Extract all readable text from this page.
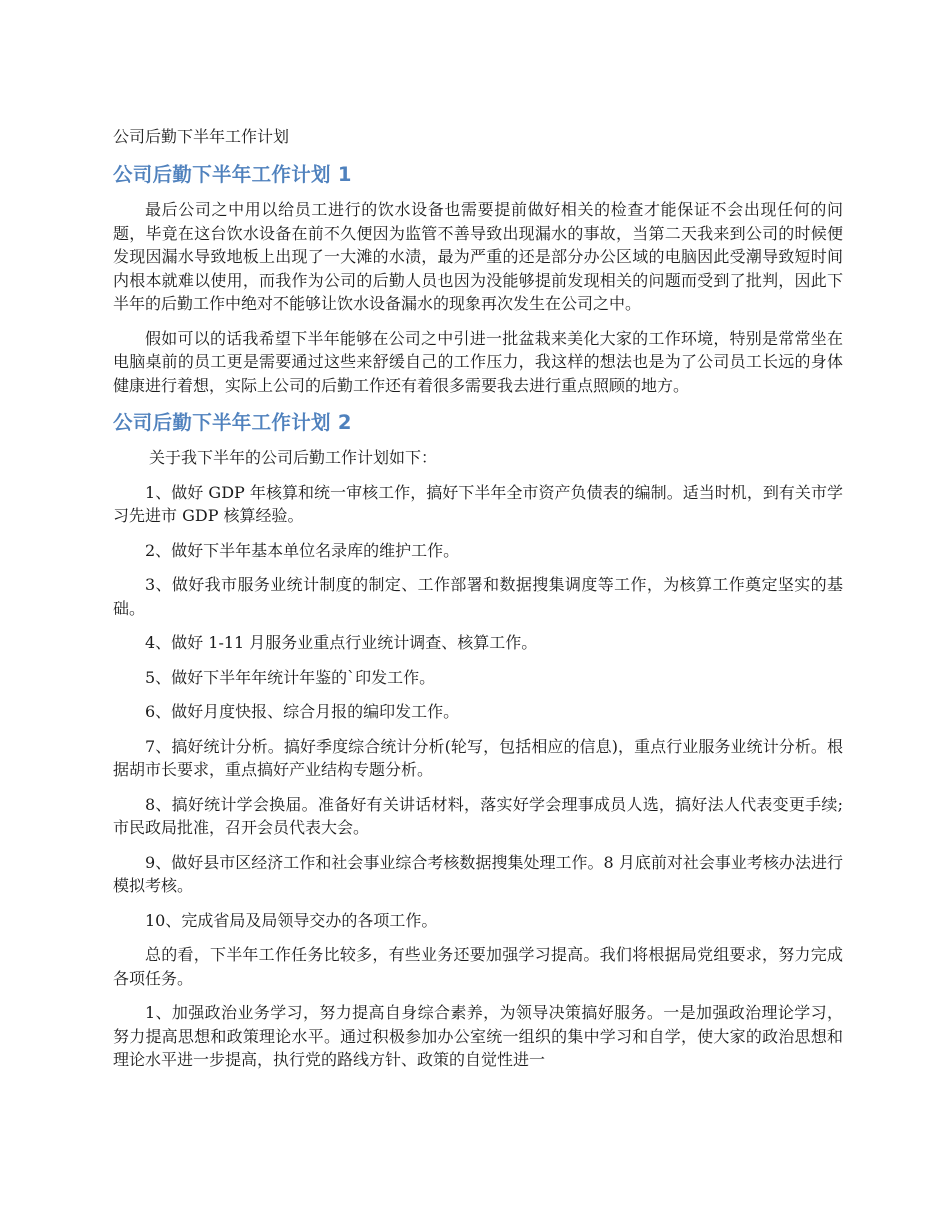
公司后勤下半年工作计划
公司后勤下半年工作计划 1
最后公司之中用以给员工进行的饮水设备也需要提前做好相关的检查才能保证不会出现任何的问题，毕竟在这台饮水设备在前不久便因为监管不善导致出现漏水的事故，当第二天我来到公司的时候便发现因漏水导致地板上出现了一大滩的水渍，最为严重的还是部分办公区域的电脑因此受潮导致短时间内根本就难以使用，而我作为公司的后勤人员也因为没能够提前发现相关的问题而受到了批判，因此下半年的后勤工作中绝对不能够让饮水设备漏水的现象再次发生在公司之中。
假如可以的话我希望下半年能够在公司之中引进一批盆栽来美化大家的工作环境，特别是常常坐在电脑桌前的员工更是需要通过这些来舒缓自己的工作压力，我这样的想法也是为了公司员工长远的身体健康进行着想，实际上公司的后勤工作还有着很多需要我去进行重点照顾的地方。
公司后勤下半年工作计划 2
关于我下半年的公司后勤工作计划如下：
1、做好 GDP 年核算和统一审核工作，搞好下半年全市资产负债表的编制。适当时机，到有关市学习先进市 GDP 核算经验。
2、做好下半年基本单位名录库的维护工作。
3、做好我市服务业统计制度的制定、工作部署和数据搜集调度等工作，为核算工作奠定坚实的基础。
4、做好 1-11 月服务业重点行业统计调查、核算工作。
5、做好下半年年统计年鉴的`印发工作。
6、做好月度快报、综合月报的编印发工作。
7、搞好统计分析。搞好季度综合统计分析(轮写，包括相应的信息)，重点行业服务业统计分析。根据胡市长要求，重点搞好产业结构专题分析。
8、搞好统计学会换届。准备好有关讲话材料，落实好学会理事成员人选，搞好法人代表变更手续;市民政局批准，召开会员代表大会。
9、做好县市区经济工作和社会事业综合考核数据搜集处理工作。8 月底前对社会事业考核办法进行模拟考核。
10、完成省局及局领导交办的各项工作。
总的看，下半年工作任务比较多，有些业务还要加强学习提高。我们将根据局党组要求，努力完成各项任务。
1、加强政治业务学习，努力提高自身综合素养，为领导决策搞好服务。一是加强政治理论学习，努力提高思想和政策理论水平。通过积极参加办公室统一组织的集中学习和自学，使大家的政治思想和理论水平进一步提高，执行党的路线方针、政策的自觉性进一
